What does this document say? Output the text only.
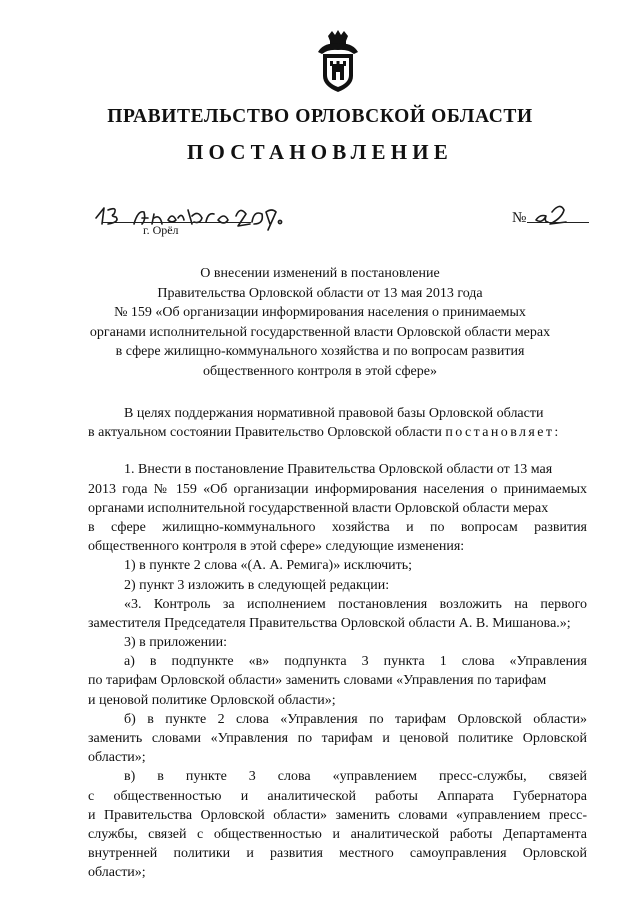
ПРАВИТЕЛЬСТВО ОРЛОВСКОЙ ОБЛАСТИ
ПОСТАНОВЛЕНИЕ
г. Орёл
№
О внесении изменений в постановление
Правительства Орловской области от 13 мая 2013 года
№ 159 «Об организации информирования населения о принимаемых
органами исполнительной государственной власти Орловской области мерах
в сфере жилищно-коммунального хозяйства и по вопросам развития
общественного контроля в этой сфере»
В целях поддержания нормативной правовой базы Орловской области
в актуальном состоянии Правительство Орловской области постановляет:
1. Внести в постановление Правительства Орловской области от 13 мая
2013 года № 159 «Об организации информирования населения о принимаемых
органами исполнительной государственной власти Орловской области мерах
в сфере жилищно-коммунального хозяйства и по вопросам развития
общественного контроля в этой сфере» следующие изменения:
1) в пункте 2 слова «(А. А. Ремига)» исключить;
2) пункт 3 изложить в следующей редакции:
«3. Контроль за исполнением постановления возложить на первого
заместителя Председателя Правительства Орловской области А. В. Мишанова.»;
3) в приложении:
а) в подпункте «в» подпункта 3 пункта 1 слова «Управления
по тарифам Орловской области» заменить словами «Управления по тарифам
и ценовой политике Орловской области»;
б) в пункте 2 слова «Управления по тарифам Орловской области»
заменить словами «Управления по тарифам и ценовой политике Орловской
области»;
в) в пункте 3 слова «управлением пресс-службы, связей
с общественностью и аналитической работы Аппарата Губернатора
и Правительства Орловской области» заменить словами «управлением пресс-
службы, связей с общественностью и аналитической работы Департамента
внутренней политики и развития местного самоуправления Орловской
области»;
